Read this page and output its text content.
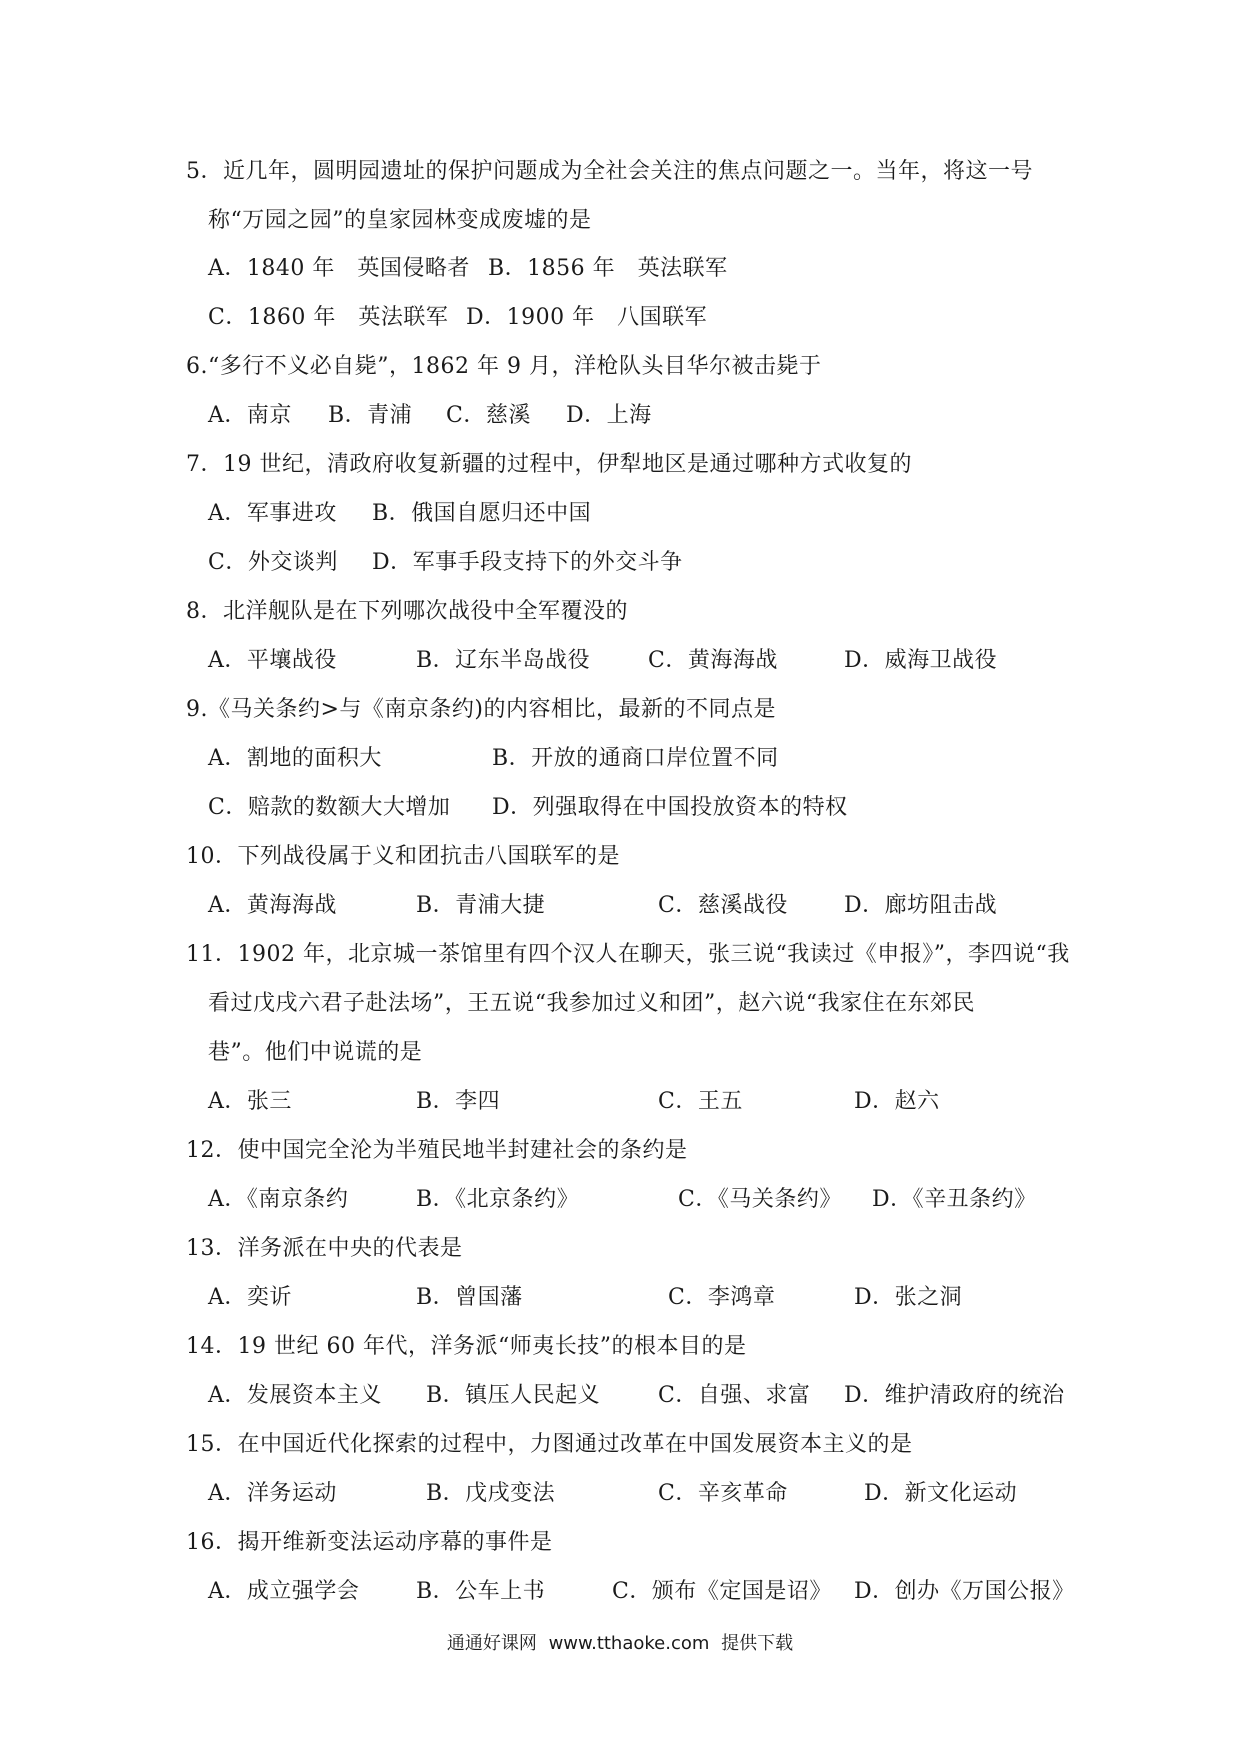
5．近几年，圆明园遗址的保护问题成为全社会关注的焦点问题之一。当年，将这一号
称“万园之园”的皇家园林变成废墟的是
A．1840 年　英国侵略者 B．1856 年　英法联军
C．1860 年　英法联军 D．1900 年　八国联军
6.“多行不义必自毙”，1862 年 9 月，洋枪队头目华尔被击毙于
A．南京 B．青浦 C．慈溪 D．上海
7．19 世纪，清政府收复新疆的过程中，伊犁地区是通过哪种方式收复的
A．军事进攻 B．俄国自愿归还中国
C．外交谈判 D．军事手段支持下的外交斗争
8．北洋舰队是在下列哪次战役中全军覆没的
A．平壤战役	B．辽东半岛战役	C．黄海海战	D．威海卫战役
9.《马关条约>与《南京条约)的内容相比，最新的不同点是
A．割地的面积大	B．开放的通商口岸位置不同
C．赔款的数额大大增加 D．列强取得在中国投放资本的特权
10．下列战役属于义和团抗击八国联军的是
A．黄海海战	B．青浦大捷	C．慈溪战役	D．廊坊阻击战
11．1902 年，北京城一茶馆里有四个汉人在聊天，张三说“我读过《申报》”，李四说“我
看过戊戌六君子赴法场”，王五说“我参加过义和团”，赵六说“我家住在东郊民
巷”。他们中说谎的是
A．张三	B．李四	C．王五	D．赵六
12．使中国完全沦为半殖民地半封建社会的条约是
A．《南京条约	B．《北京条约》	C．《马关条约》 D．《辛丑条约》
13．洋务派在中央的代表是
A．奕䜣	B．曾国藩	C．李鸿章	D．张之洞
14．19 世纪 60 年代，洋务派“师夷长技”的根本目的是
A．发展资本主义 B．镇压人民起义	C．自强、求富 D．维护清政府的统治
15．在中国近代化探索的过程中，力图通过改革在中国发展资本主义的是
A．洋务运动	B．戊戌变法	C．辛亥革命	D．新文化运动
16．揭开维新变法运动序幕的事件是
A．成立强学会	B．公车上书	C．颁布《定国是诏》 D．创办《万国公报》
通通好课网 www.tthaoke.com 提供下载
